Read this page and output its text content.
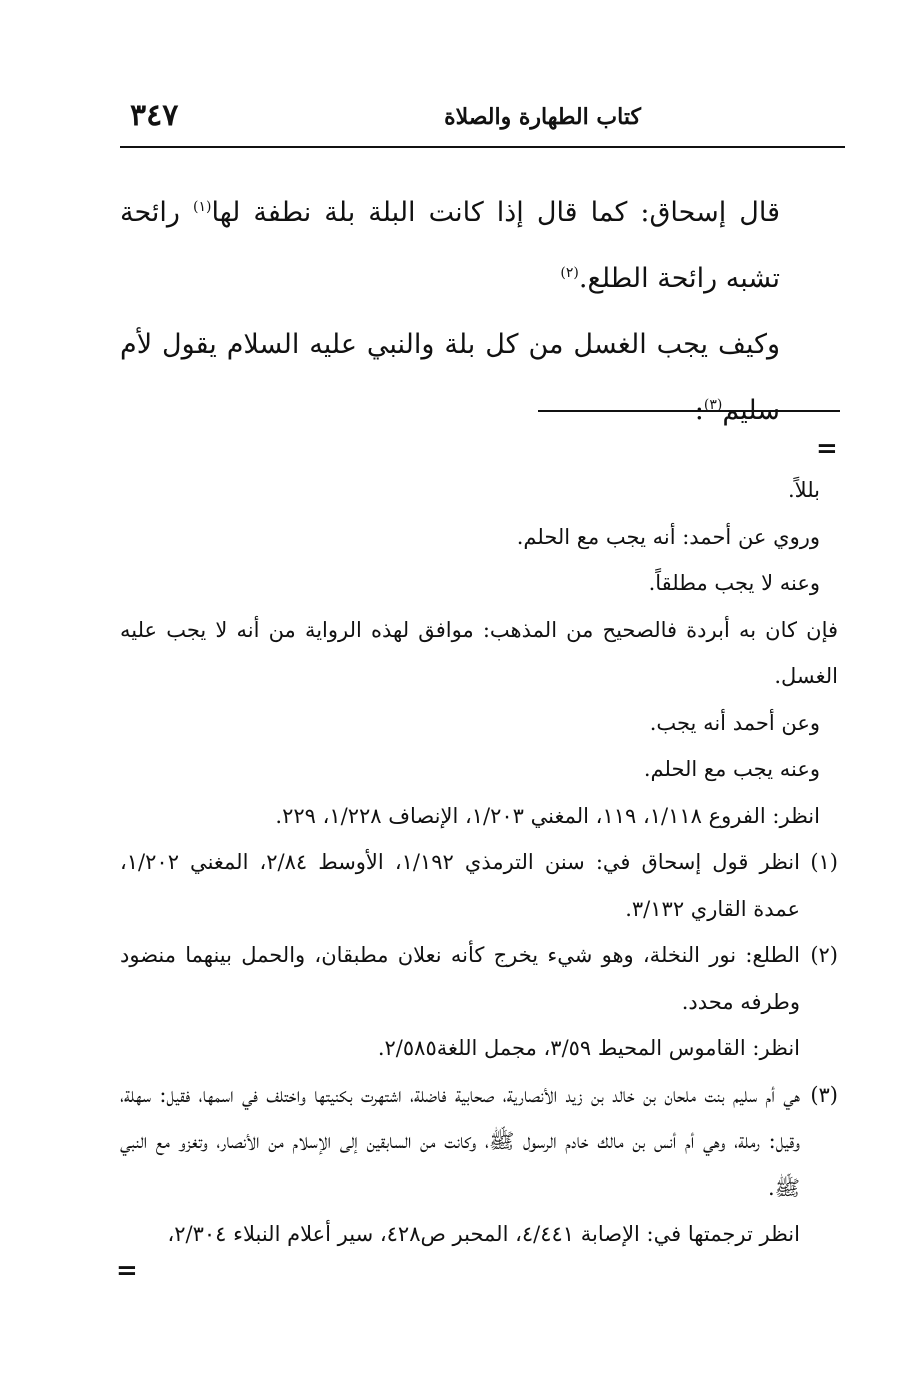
٣٤٧	كتاب الطهارة والصلاة

قال إسحاق: كما قال إذا كانت البلة بلة نطفة لها$^{(١)}$ رائحة تشبه رائحة الطلع.$^{(٢)}$

وكيف يجب الغسل من كل بلة والنبي عليه السلام يقول لأم سليم$^{(٣)}$:

=

بللاً.

وروي عن أحمد: أنه يجب مع الحلم.

وعنه لا يجب مطلقاً.

فإن كان به أبردة فالصحيح من المذهب: موافق لهذه الرواية من أنه لا يجب عليه الغسل.

وعن أحمد أنه يجب.

وعنه يجب مع الحلم.

انظر: الفروع ١/١١٨، ١١٩، المغني ١/٢٠٣، الإنصاف ١/٢٢٨، ٢٢٩.

(١)

انظر قول إسحاق في: سنن الترمذي ١/١٩٢، الأوسط ٢/٨٤، المغني ١/٢٠٢، عمدة القاري ٣/١٣٢.

(٢)

الطلع: نور النخلة، وهو شيء يخرج كأنه نعلان مطبقان، والحمل بينهما منضود وطرفه محدد.

انظر: القاموس المحيط ٣/٥٩، مجمل اللغة٢/٥٨٥.

(٣)

هي أم سليم بنت ملحان بن خالد بن زيد الأنصارية، صحابية فاضلة، اشتهرت بكنيتها واختلف في اسمها، فقيل: سهلة، وقيل: رملة، وهي أم أنس بن مالك خادم الرسول ﷺ، وكانت من السابقين إلى الإسلام من الأنصار، وتغزو مع النبي ﷺ.

انظر ترجمتها في: الإصابة ٤/٤٤١، المحبر ص٤٢٨، سير أعلام النبلاء ٢/٣٠٤،

=
